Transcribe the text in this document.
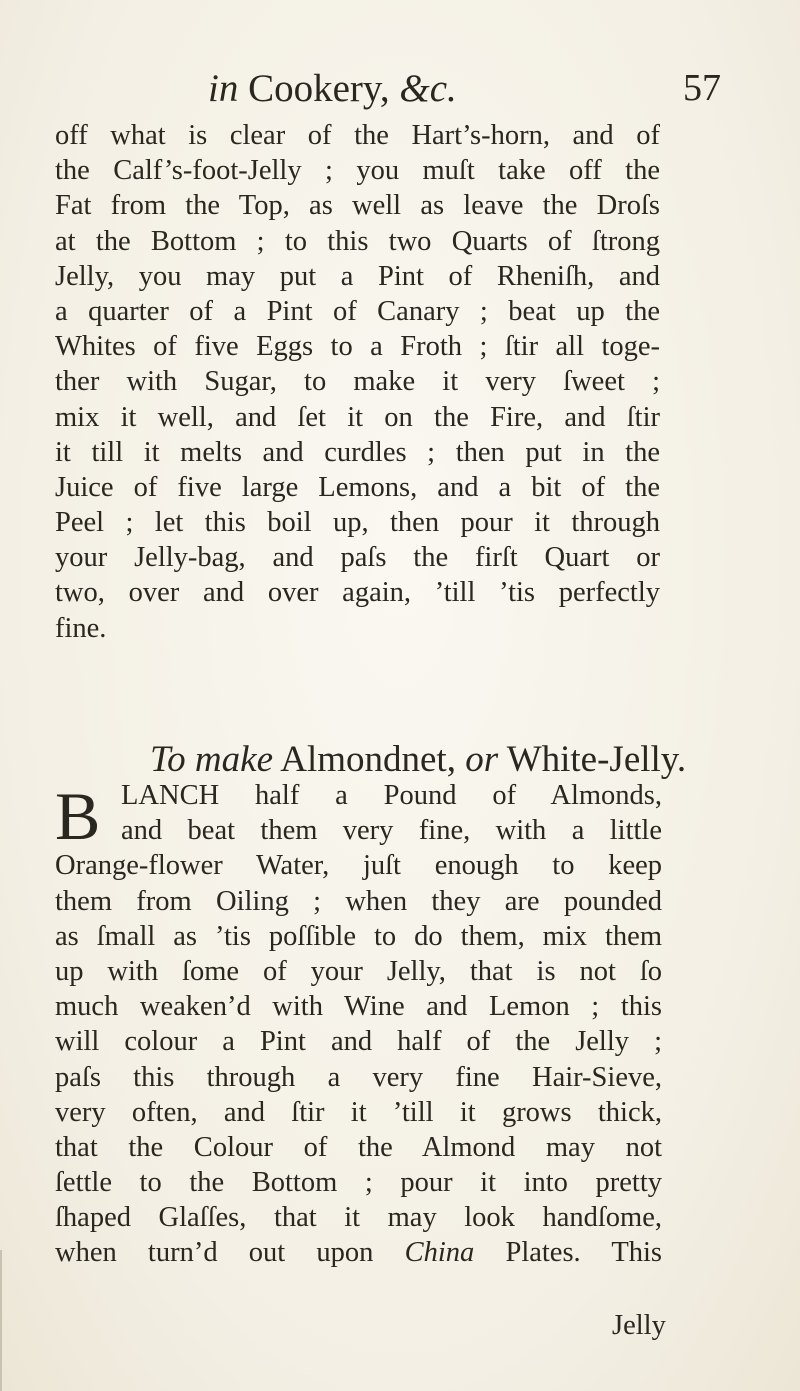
in Cookery, &c.	57
off what is clear of the Hart’s-horn, and of
the Calf’s-foot-Jelly ; you muſt take off the
Fat from the Top, as well as leave the Droſs
at the Bottom ; to this two Quarts of ſtrong
Jelly, you may put a Pint of Rheniſh, and
a quarter of a Pint of Canary ; beat up the
Whites of five Eggs to a Froth ; ſtir all toge-
ther with Sugar, to make it very ſweet ;
mix it well, and ſet it on the Fire, and ſtir
it till it melts and curdles ; then put in the
Juice of five large Lemons, and a bit of the
Peel ; let this boil up, then pour it through
your Jelly-bag, and paſs the firſt Quart or
two, over and over again, ’till ’tis perfectly
fine.
To make Almondnet, or White-Jelly.
B LANCH half a Pound of Almonds,
and beat them very fine, with a little
Orange-flower Water, juſt enough to keep
them from Oiling ; when they are pounded
as ſmall as ’tis poſſible to do them, mix them
up with ſome of your Jelly, that is not ſo
much weaken’d with Wine and Lemon ; this
will colour a Pint and half of the Jelly ;
paſs this through a very fine Hair-Sieve,
very often, and ſtir it ’till it grows thick,
that the Colour of the Almond may not
ſettle to the Bottom ; pour it into pretty
ſhaped Glaſſes, that it may look handſome,
when turn’d out upon China Plates. This
Jelly
